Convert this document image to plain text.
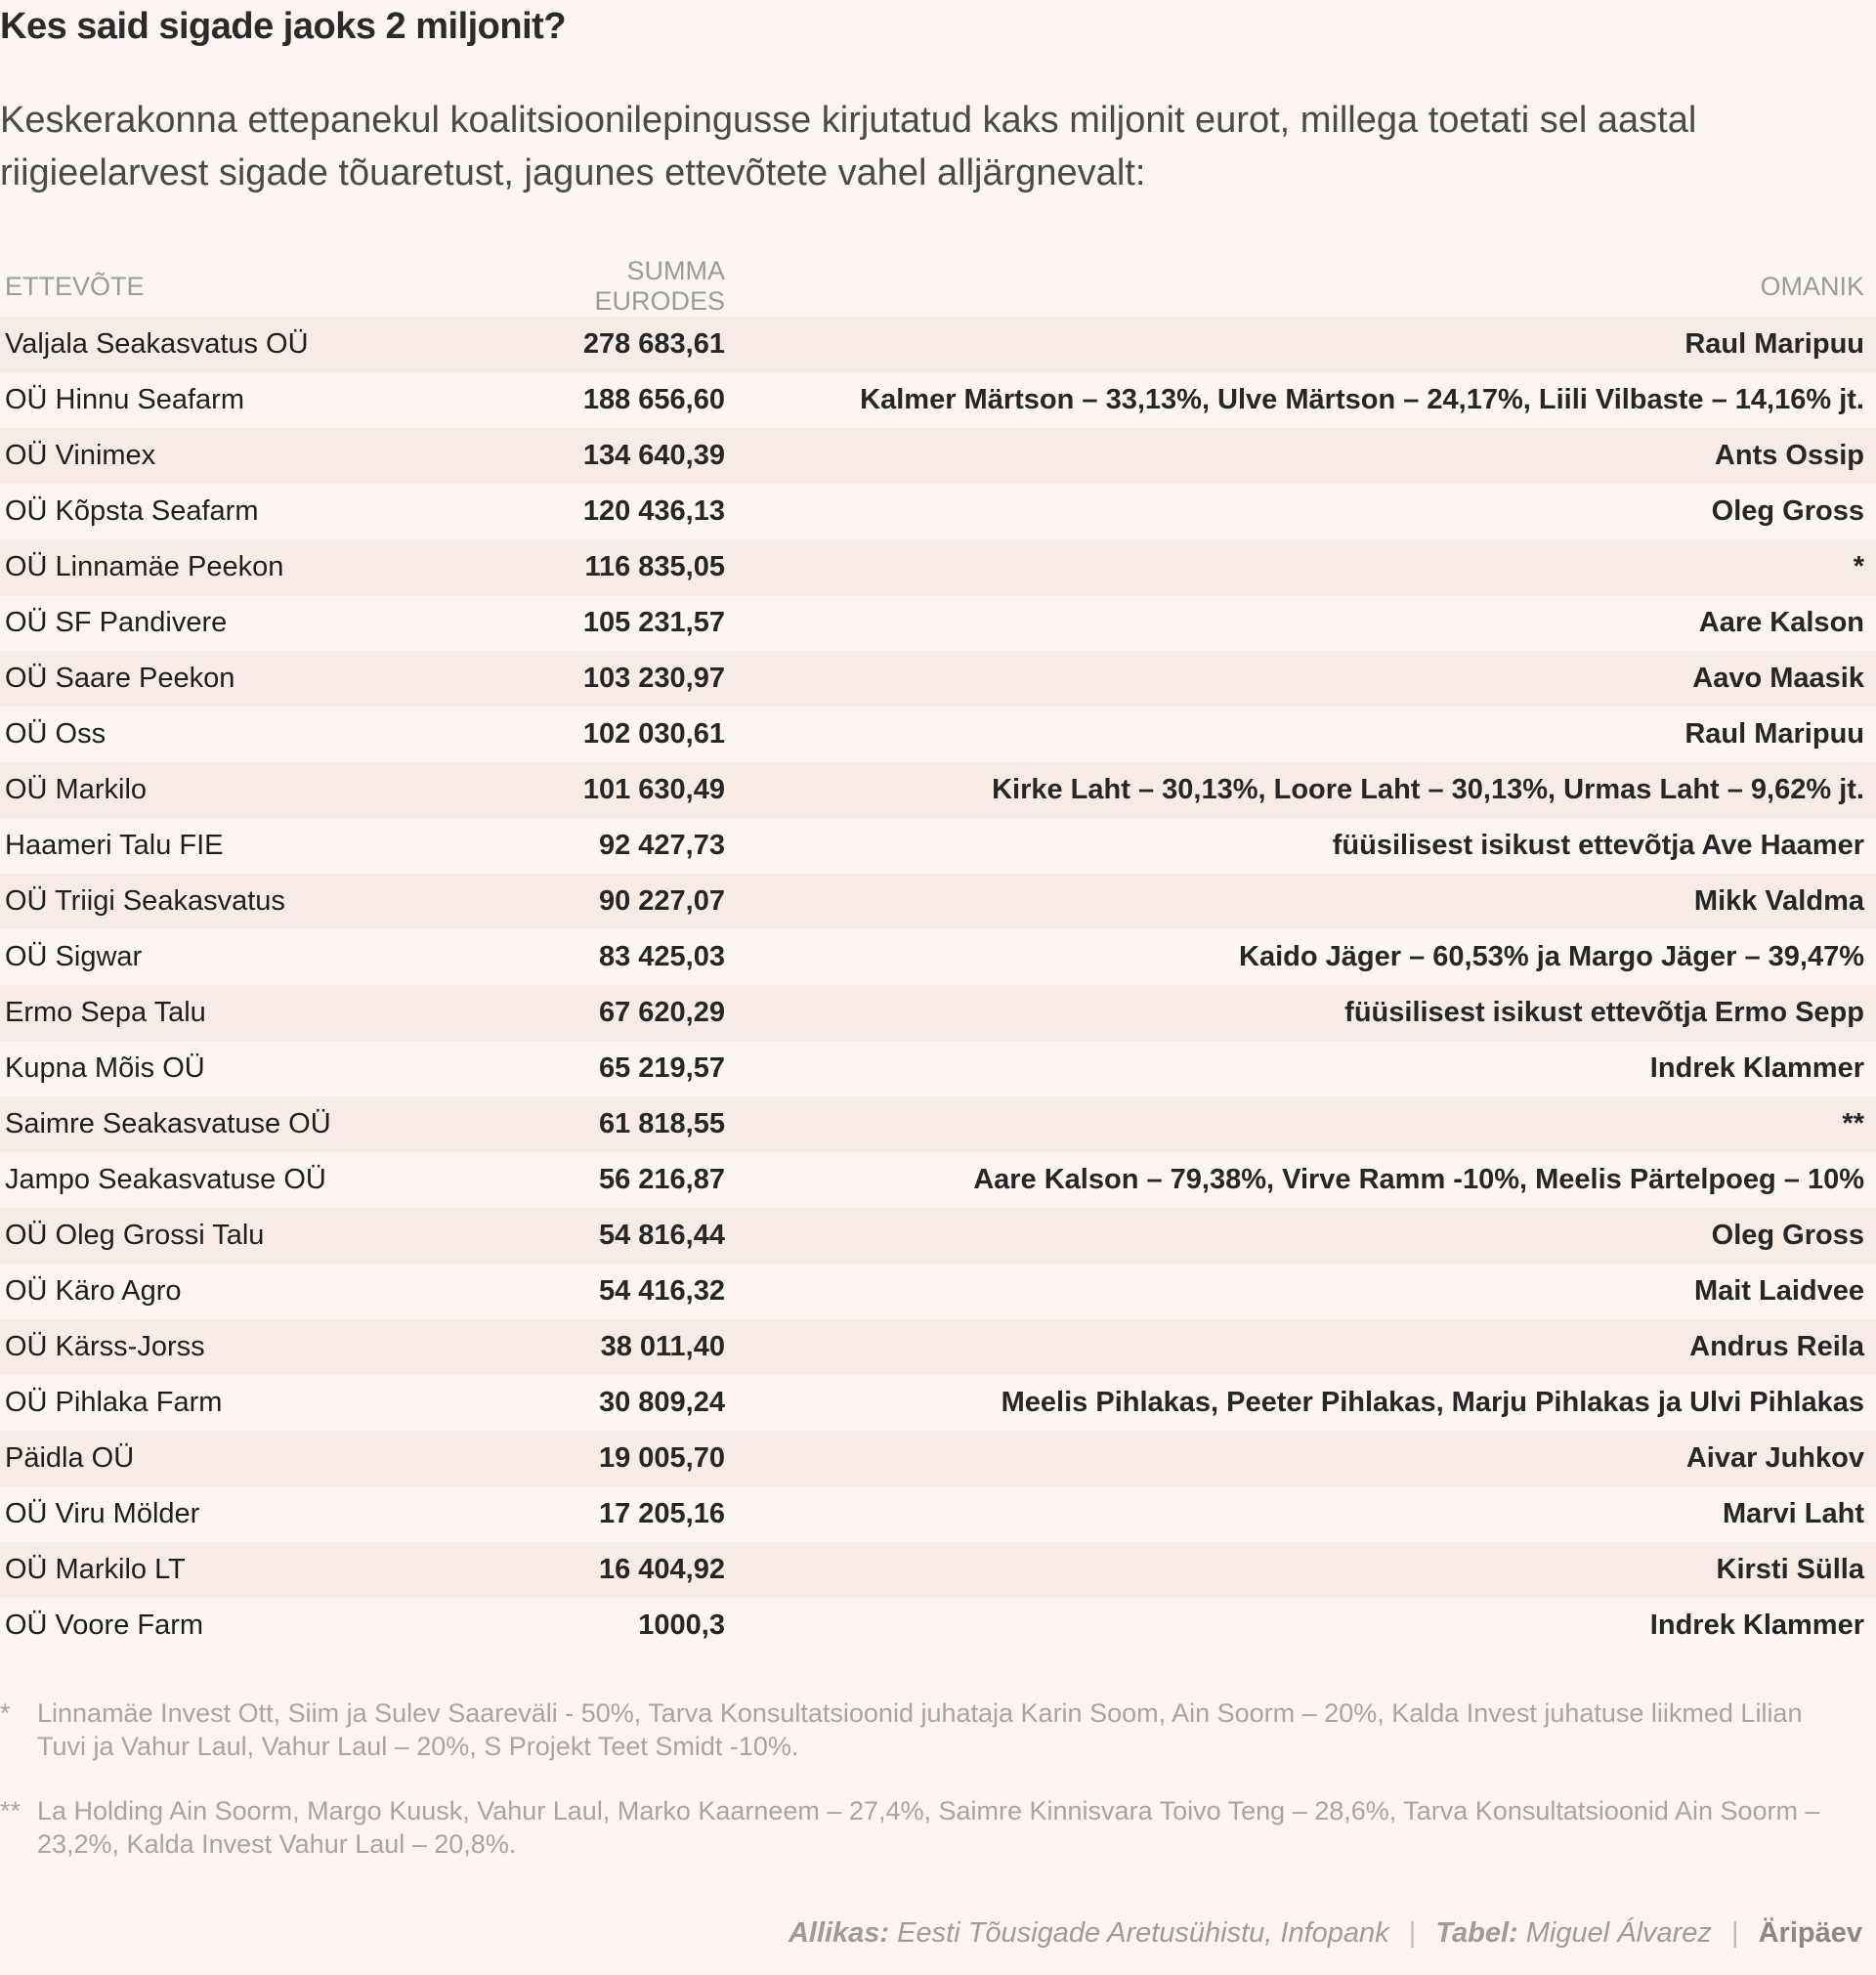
Kes said sigade jaoks 2 miljonit?
Keskerakonna ettepanekul koalitsioonilepingusse kirjutatud kaks miljonit eurot, millega toetati sel aastal riigieelarvest sigade tõuaretust, jagunes ettevõtete vahel alljärgnevalt:
ETTEVÕTE	SUMMA EURODES	OMANIK
Valjala Seakasvatus OÜ	278 683,61	Raul Maripuu
OÜ Hinnu Seafarm	188 656,60	Kalmer Märtson – 33,13%, Ulve Märtson – 24,17%, Liili Vilbaste – 14,16% jt.
OÜ Vinimex	134 640,39	Ants Ossip
OÜ Kõpsta Seafarm	120 436,13	Oleg Gross
OÜ Linnamäe Peekon	116 835,05	*
OÜ SF Pandivere	105 231,57	Aare Kalson
OÜ Saare Peekon	103 230,97	Aavo Maasik
OÜ Oss	102 030,61	Raul Maripuu
OÜ Markilo	101 630,49	Kirke Laht – 30,13%, Loore Laht – 30,13%, Urmas Laht – 9,62% jt.
Haameri Talu FIE	92 427,73	füüsilisest isikust ettevõtja Ave Haamer
OÜ Triigi Seakasvatus	90 227,07	Mikk Valdma
OÜ Sigwar	83 425,03	Kaido Jäger – 60,53% ja Margo Jäger – 39,47%
Ermo Sepa Talu	67 620,29	füüsilisest isikust ettevõtja Ermo Sepp
Kupna Mõis OÜ	65 219,57	Indrek Klammer
Saimre Seakasvatuse OÜ	61 818,55	**
Jampo Seakasvatuse OÜ	56 216,87	Aare Kalson – 79,38%, Virve Ramm -10%, Meelis Pärtelpoeg – 10%
OÜ Oleg Grossi Talu	54 816,44	Oleg Gross
OÜ Käro Agro	54 416,32	Mait Laidvee
OÜ Kärss-Jorss	38 011,40	Andrus Reila
OÜ Pihlaka Farm	30 809,24	Meelis Pihlakas, Peeter Pihlakas, Marju Pihlakas ja Ulvi Pihlakas
Päidla OÜ	19 005,70	Aivar Juhkov
OÜ Viru Mölder	17 205,16	Marvi Laht
OÜ Markilo LT	16 404,92	Kirsti Sülla
OÜ Voore Farm	1000,3	Indrek Klammer
* Linnamäe Invest Ott, Siim ja Sulev Saareväli - 50%, Tarva Konsultatsioonid juhataja Karin Soom, Ain Soorm – 20%, Kalda Invest juhatuse liikmed Lilian Tuvi ja Vahur Laul, Vahur Laul – 20%, S Projekt Teet Smidt -10%.
** La Holding Ain Soorm, Margo Kuusk, Vahur Laul, Marko Kaarneem – 27,4%, Saimre Kinnisvara Toivo Teng – 28,6%, Tarva Konsultatsioonid Ain Soorm – 23,2%, Kalda Invest Vahur Laul – 20,8%.
Allikas: Eesti Tõusigade Aretusühistu, Infopank | Tabel: Miguel Álvarez | Äripäev
